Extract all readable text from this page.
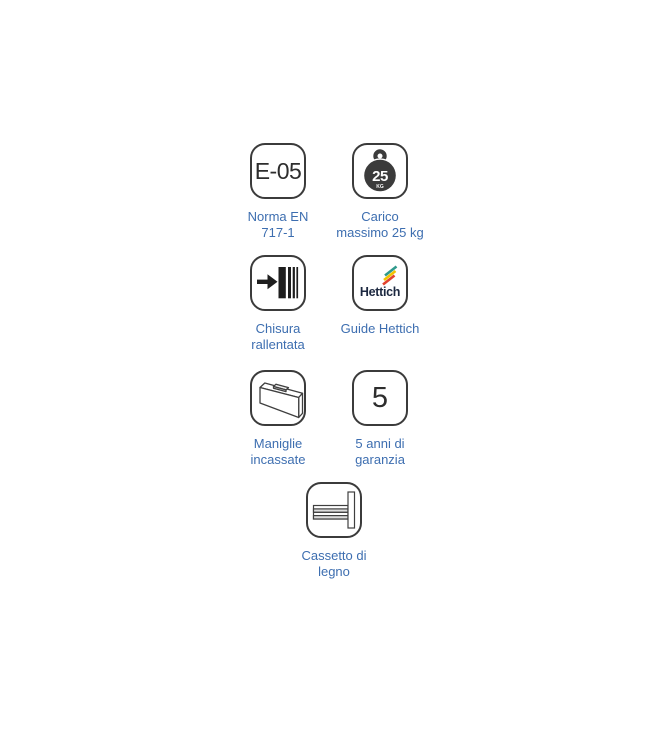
E-05
Norma EN
717-1
25
KG
Carico
massimo 25 kg
Chisura
rallentata
Hettich
Guide Hettich
Maniglie
incassate
5
5 anni di
garanzia
Cassetto di
legno
